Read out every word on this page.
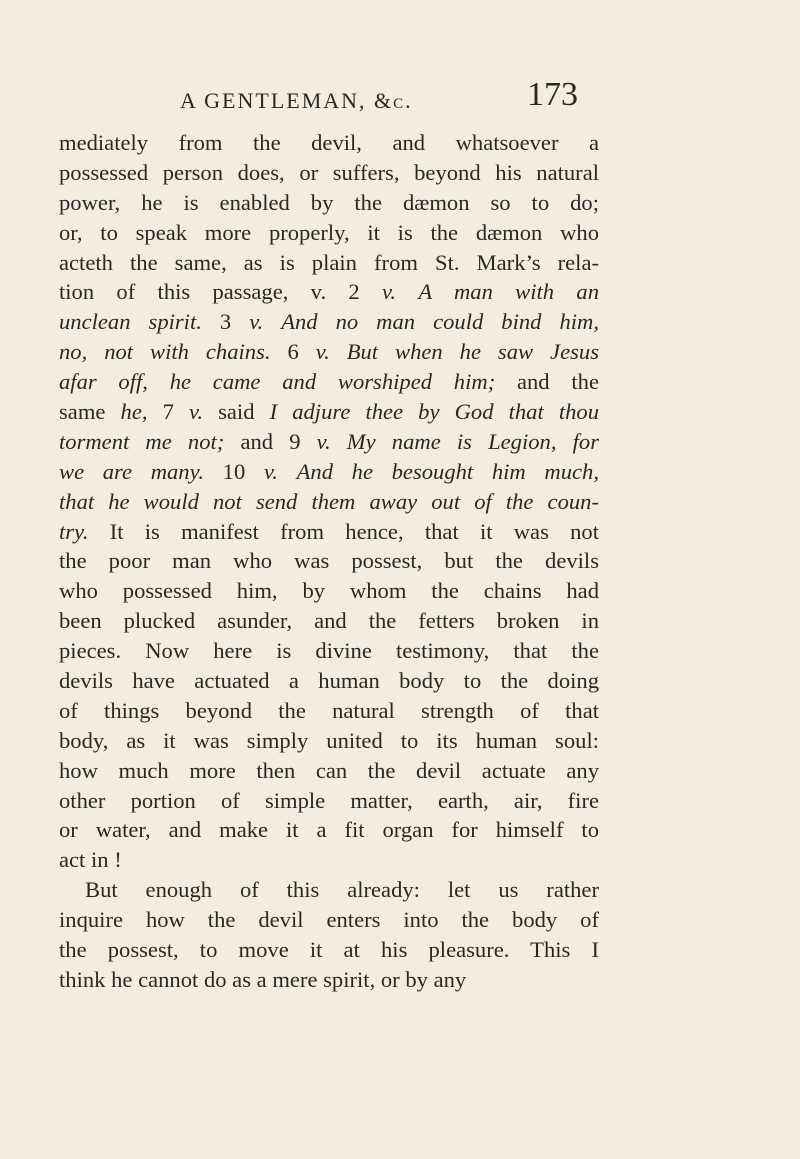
A GENTLEMAN, &c.	173
mediately from the devil, and whatsoever a
possessed person does, or suffers, beyond his natural
power, he is enabled by the dæmon so to do;
or, to speak more properly, it is the dæmon who
acteth the same, as is plain from St. Mark’s rela-
tion of this passage, v. 2 v. A man with an
unclean spirit. 3 v. And no man could bind him,
no, not with chains. 6 v. But when he saw Jesus
afar off, he came and worshiped him; and the
same he, 7 v. said I adjure thee by God that thou
torment me not; and 9 v. My name is Legion, for
we are many. 10 v. And he besought him much,
that he would not send them away out of the coun-
try. It is manifest from hence, that it was not
the poor man who was possest, but the devils
who possessed him, by whom the chains had
been plucked asunder, and the fetters broken in
pieces. Now here is divine testimony, that the
devils have actuated a human body to the doing
of things beyond the natural strength of that
body, as it was simply united to its human soul:
how much more then can the devil actuate any
other portion of simple matter, earth, air, fire
or water, and make it a fit organ for himself to
act in !
But enough of this already: let us rather
inquire how the devil enters into the body of
the possest, to move it at his pleasure. This I
think he cannot do as a mere spirit, or by any
